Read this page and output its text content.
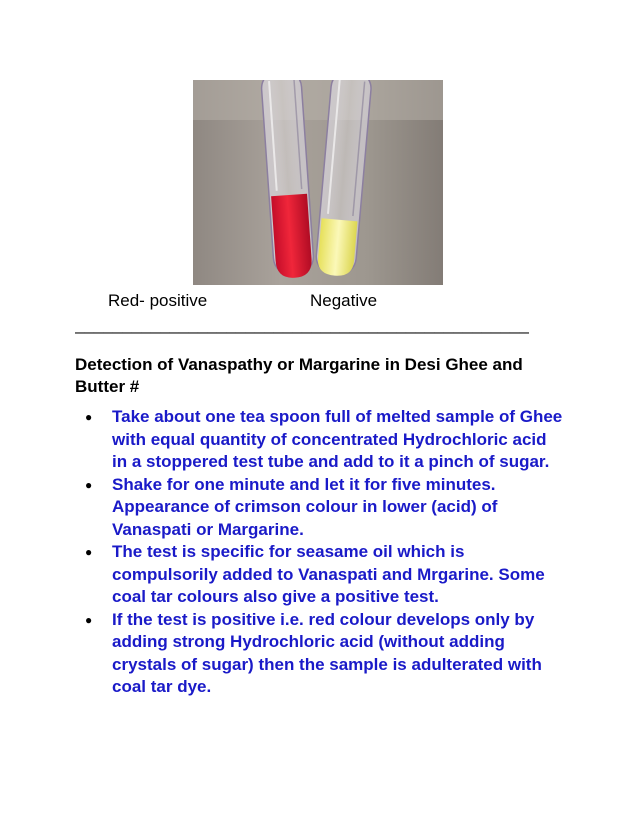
Red- positive	Negative
________________________________________________

Detection of Vanaspathy or Margarine in Desi Ghee and Butter #

● Take about one tea spoon full of melted sample of Ghee with equal quantity of concentrated Hydrochloric acid in a stoppered test tube and add to it a pinch of sugar.
● Shake for one minute and let it for five minutes. Appearance of crimson colour in lower (acid) of Vanaspati or Margarine.
● The test is specific for seasame oil which is compulsorily added to Vanaspati and Mrgarine. Some coal tar colours also give a positive test.
● If the test is positive i.e. red colour develops only by adding strong Hydrochloric acid (without adding crystals of sugar) then the sample is adulterated with coal tar dye.
